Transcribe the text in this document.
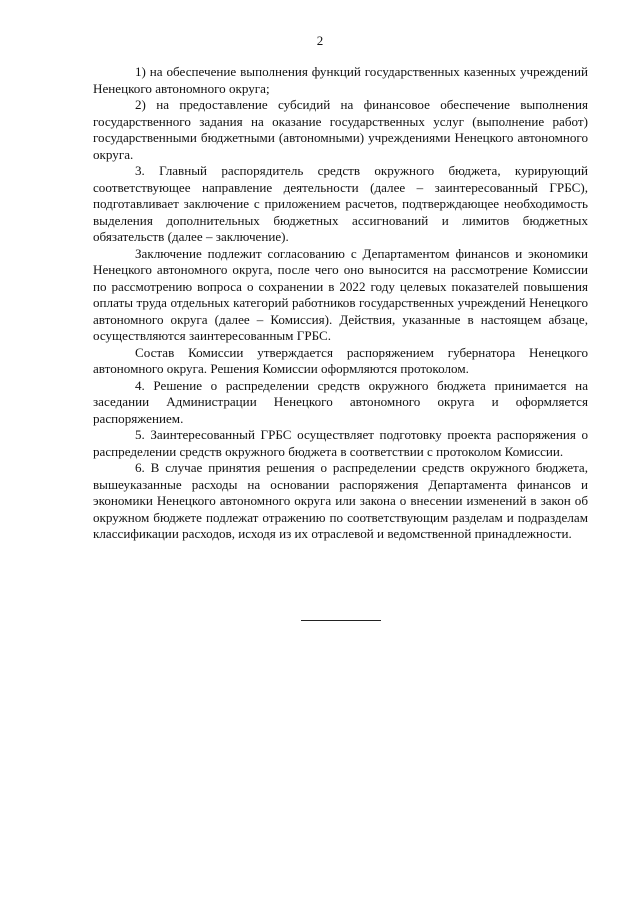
2

1) на обеспечение выполнения функций государственных казенных учреждений Ненецкого автономного округа;

2) на предоставление субсидий на финансовое обеспечение выполнения государственного задания на оказание государственных услуг (выполнение работ) государственными бюджетными (автономными) учреждениями Ненецкого автономного округа.

3. Главный распорядитель средств окружного бюджета, курирующий соответствующее направление деятельности (далее – заинтересованный ГРБС), подготавливает заключение с приложением расчетов, подтверждающее необходимость выделения дополнительных бюджетных ассигнований и лимитов бюджетных обязательств (далее – заключение).

Заключение подлежит согласованию с Департаментом финансов и экономики Ненецкого автономного округа, после чего оно выносится на рассмотрение Комиссии по рассмотрению вопроса о сохранении в 2022 году целевых показателей повышения оплаты труда отдельных категорий работников государственных учреждений Ненецкого автономного округа (далее – Комиссия). Действия, указанные в настоящем абзаце, осуществляются заинтересованным ГРБС.

Состав Комиссии утверждается распоряжением губернатора Ненецкого автономного округа. Решения Комиссии оформляются протоколом.

4. Решение о распределении средств окружного бюджета принимается на заседании Администрации Ненецкого автономного округа и оформляется распоряжением.

5. Заинтересованный ГРБС осуществляет подготовку проекта распоряжения о распределении средств окружного бюджета в соответствии с протоколом Комиссии.

6. В случае принятия решения о распределении средств окружного бюджета, вышеуказанные расходы на основании распоряжения Департамента финансов и экономики Ненецкого автономного округа или закона о внесении изменений в закон об окружном бюджете подлежат отражению по соответствующим разделам и подразделам классификации расходов, исходя из их отраслевой и ведомственной принадлежности.
